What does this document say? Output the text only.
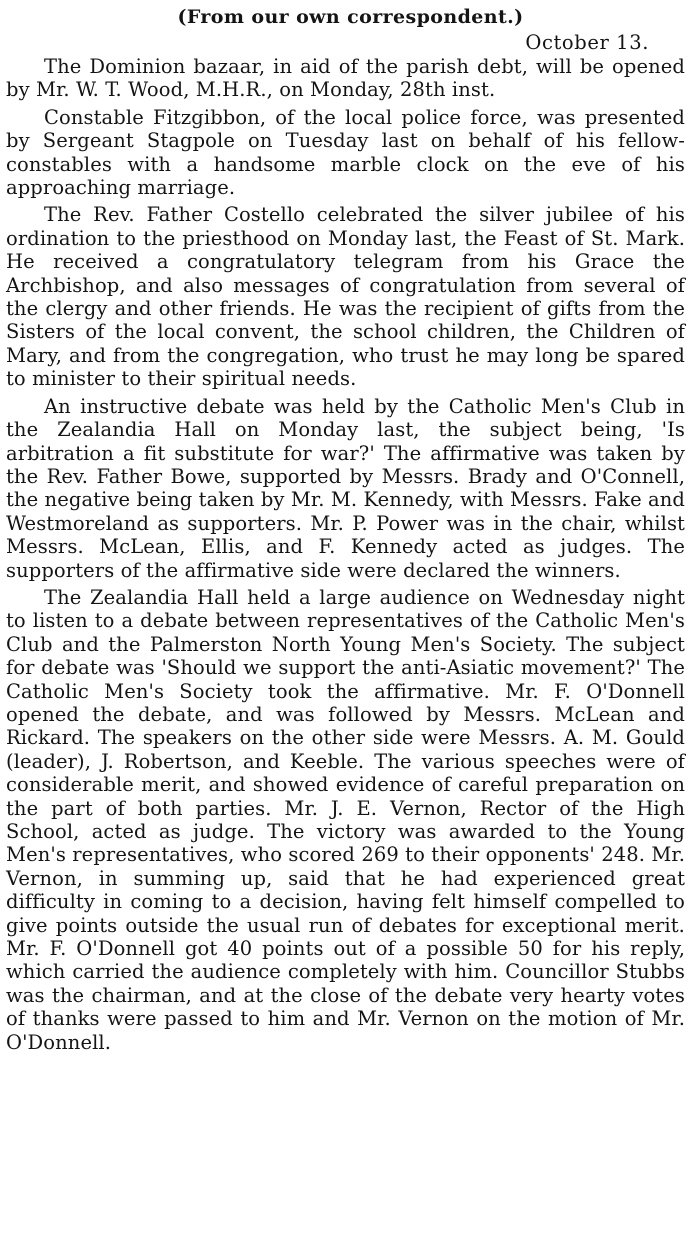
(From our own correspondent.)
October 13.

The Dominion bazaar, in aid of the parish debt, will be opened by Mr. W. T. Wood, M.H.R., on Monday, 28th inst.

Constable Fitzgibbon, of the local police force, was presented by Sergeant Stagpole on Tuesday last on behalf of his fellow-constables with a handsome marble clock on the eve of his approaching marriage.

The Rev. Father Costello celebrated the silver jubilee of his ordination to the priesthood on Monday last, the Feast of St. Mark. He received a congratulatory telegram from his Grace the Archbishop, and also messages of congratulation from several of the clergy and other friends. He was the recipient of gifts from the Sisters of the local convent, the school children, the Children of Mary, and from the congregation, who trust he may long be spared to minister to their spiritual needs.

An instructive debate was held by the Catholic Men's Club in the Zealandia Hall on Monday last, the subject being, 'Is arbitration a fit substitute for war?' The affirmative was taken by the Rev. Father Bowe, supported by Messrs. Brady and O'Connell, the negative being taken by Mr. M. Kennedy, with Messrs. Fake and Westmoreland as supporters. Mr. P. Power was in the chair, whilst Messrs. McLean, Ellis, and F. Kennedy acted as judges. The supporters of the affirmative side were declared the winners.

The Zealandia Hall held a large audience on Wednesday night to listen to a debate between representatives of the Catholic Men's Club and the Palmerston North Young Men's Society. The subject for debate was 'Should we support the anti-Asiatic movement?' The Catholic Men's Society took the affirmative. Mr. F. O'Donnell opened the debate, and was followed by Messrs. McLean and Rickard. The speakers on the other side were Messrs. A. M. Gould (leader), J. Robertson, and Keeble. The various speeches were of considerable merit, and showed evidence of careful preparation on the part of both parties. Mr. J. E. Vernon, Rector of the High School, acted as judge. The victory was awarded to the Young Men's representatives, who scored 269 to their opponents' 248. Mr. Vernon, in summing up, said that he had experienced great difficulty in coming to a decision, having felt himself compelled to give points outside the usual run of debates for exceptional merit. Mr. F. O'Donnell got 40 points out of a possible 50 for his reply, which carried the audience completely with him. Councillor Stubbs was the chairman, and at the close of the debate very hearty votes of thanks were passed to him and Mr. Vernon on the motion of Mr. O'Donnell.
